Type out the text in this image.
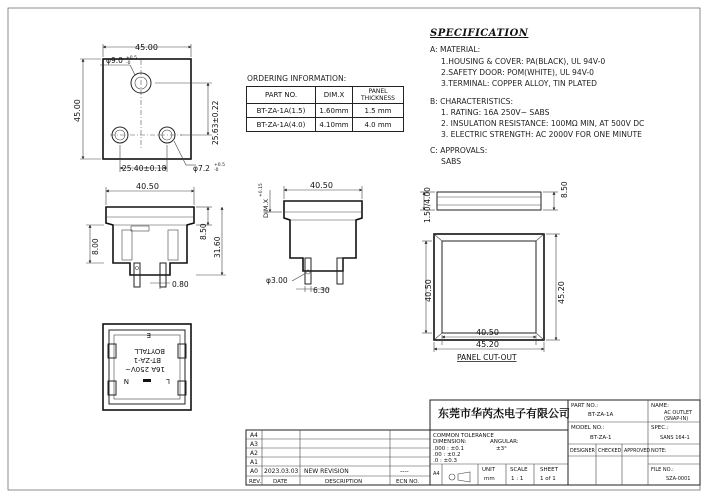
SPECIFICATION
A: MATERIAL:
1.HOUSING & COVER: PA(BLACK), UL 94V-0
2.SAFETY DOOR: POM(WHITE), UL 94V-0
3.TERMINAL: COPPER ALLOY, TIN PLATED
B: CHARACTERISTICS:
1. RATING: 16A 250V~ SABS
2. INSULATION RESISTANCE: 100MΩ MIN, AT 500V DC
3. ELECTRIC STRENGTH: AC 2000V FOR ONE MINUTE
C: APPROVALS:
SABS
ORDERING INFORMATION:
PART NO.	DIM.X	PANEL THICKNESS
BT-ZA-1A(1.5)	1.60mm	1.5 mm
BT-ZA-1A(4.0)	4.10mm	4.0 mm
45.00
45.00
φ9.0 +0.5
-0
25.63±0.22
25.40±0.18	φ7.2 +0.5
-0
40.50
8.50
31.60
8.00
0.80
40.50
DIM.X
+0.15
φ3.00
6.30
L
N
16A 250V~
BT-ZA-1
BOYTALL
E
1.50/4.00	8.50
40.50
45.20
40.50	45.20
PANEL CUT-OUT
A4
A3
A2
A1
A0 2023.03.03 NEW REVISION	----
REV. DATE	DESCRIPTION	ECN NO.
COMMON TOLERANCE
DIMENSION:	ANGULAR:
.000 : ±0.1
.00 : ±0.2
.0 : ±0.3
±3°
A4
UNIT
mm
SCALE
1 : 1
SHEET
1 of 1
PART NO.:
BT-ZA-1A
NAME:
AC OUTLET
(SNAP-IN)
MODEL NO.:
BT-ZA-1
SPEC.:
SANS 164-1
DESIGNER CHECKED APPROVED NOTE:
FILE NO.:
SZA-0001
东莞市华芮杰电子有限公司
